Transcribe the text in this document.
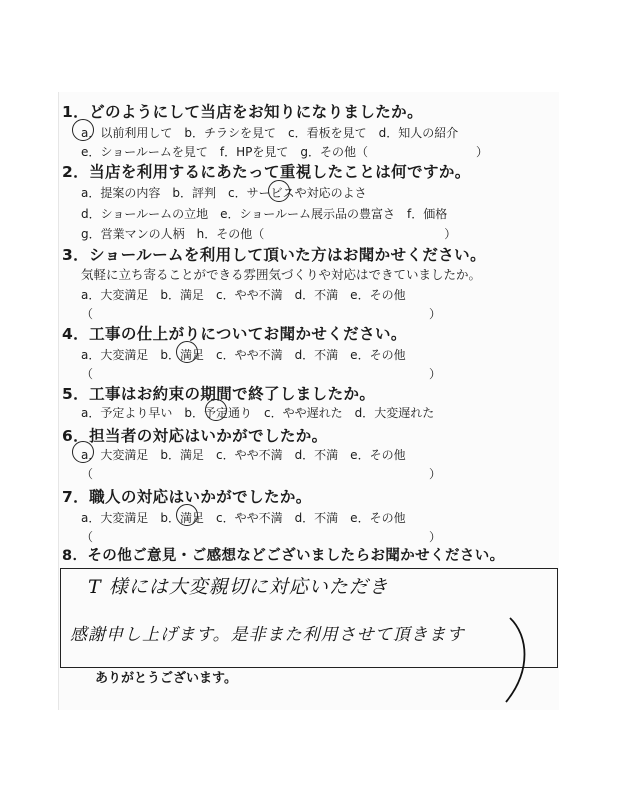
1．どのようにして当店をお知りになりましたか。
a．以前利用して　b．チラシを見て　c．看板を見て　d．知人の紹介
e．ショールームを見て　f．HPを見て　g．その他（　　　　　　　　　）
2．当店を利用するにあたって重視したことは何ですか。
a．提案の内容　b．評判　c．サービスや対応のよさ
d．ショールームの立地　e．ショールーム展示品の豊富さ　f．価格
g．営業マンの人柄　h．その他（　　　　　　　　　　　　　　　）
3．ショールームを利用して頂いた方はお聞かせください。
気軽に立ち寄ることができる雰囲気づくりや対応はできていましたか。
a．大変満足　b．満足　c．やや不満　d．不満　e．その他
（　　　　　　　　　　　　　　　　　　　　　　　　　　　　）
4．工事の仕上がりについてお聞かせください。
a．大変満足　b．満足　c．やや不満　d．不満　e．その他
（　　　　　　　　　　　　　　　　　　　　　　　　　　　　）
5．工事はお約束の期間で終了しましたか。
a．予定より早い　b．予定通り　c．やや遅れた　d．大変遅れた
6．担当者の対応はいかがでしたか。
a．大変満足　b．満足　c．やや不満　d．不満　e．その他
（　　　　　　　　　　　　　　　　　　　　　　　　　　　　）
7．職人の対応はいかがでしたか。
a．大変満足　b．満足　c．やや不満　d．不満　e．その他
（　　　　　　　　　　　　　　　　　　　　　　　　　　　　）
8．その他ご意見・ご感想などございましたらお聞かせください。
T 様には大変親切に対応いただき
感謝申し上げます。是非また利用させて頂きます
ありがとうございます。
